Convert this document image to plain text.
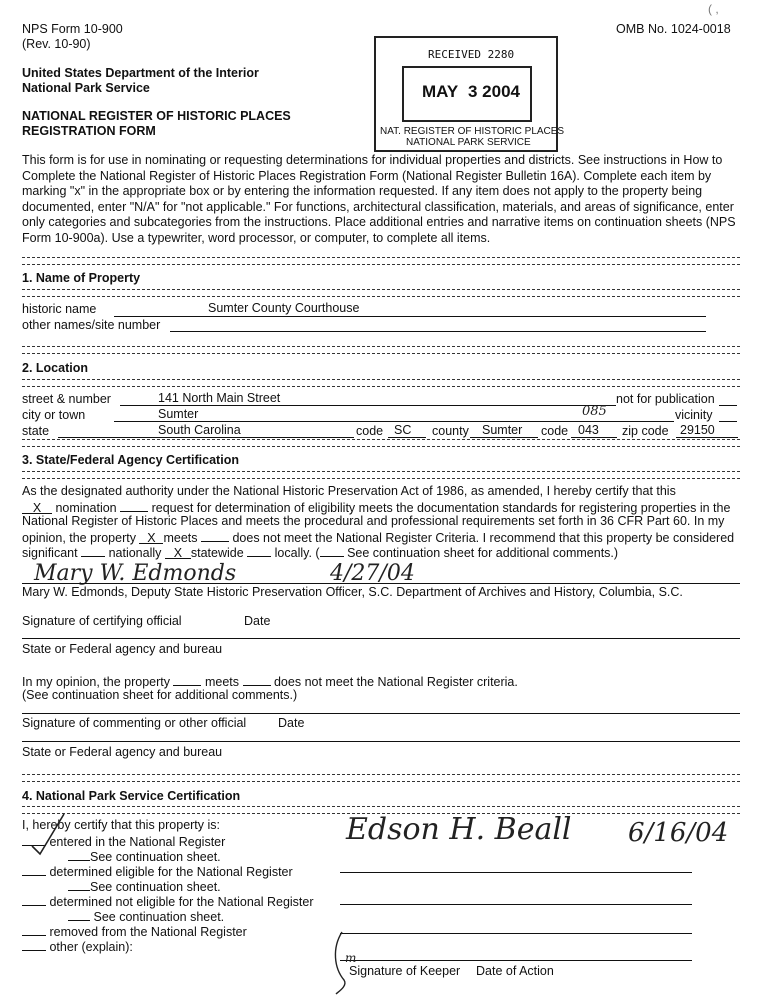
NPS Form 10-900
(Rev. 10-90)
OMB No. 1024-0018
United States Department of the Interior
National Park Service
NATIONAL REGISTER OF HISTORIC PLACES
REGISTRATION FORM
( ,
RECEIVED 2280
MAY 3 2004
NAT. REGISTER OF HISTORIC PLACES
NATIONAL PARK SERVICE
This form is for use in nominating or requesting determinations for individual properties and districts. See instructions in How to Complete the National Register of Historic Places Registration Form (National Register Bulletin 16A). Complete each item by marking "x" in the appropriate box or by entering the information requested. If any item does not apply to the property being documented, enter "N/A" for "not applicable." For functions, architectural classification, materials, and areas of significance, enter only categories and subcategories from the instructions. Place additional entries and narrative items on continuation sheets (NPS Form 10-900a). Use a typewriter, word processor, or computer, to complete all items.
1. Name of Property
historic name	Sumter County Courthouse
other names/site number
2. Location
street & number	141 North Main Street	not for publication
city or town	Sumter	085	vicinity
state	South Carolina	code SC county Sumter code 043 zip code 29150
3. State/Federal Agency Certification
As the designated authority under the National Historic Preservation Act of 1986, as amended, I hereby certify that this
X nomination	request for determination of eligibility meets the documentation standards for registering properties in the
National Register of Historic Places and meets the procedural and professional requirements set forth in 36 CFR Part 60. In my
opinion, the property X meets	does not meet the National Register Criteria. I recommend that this property be considered
significant nationally X statewide locally. ( See continuation sheet for additional comments.)
Mary W. Edmonds	4/27/04
Mary W. Edmonds, Deputy State Historic Preservation Officer, S.C. Department of Archives and History, Columbia, S.C.
Signature of certifying official	Date
State or Federal agency and bureau
In my opinion, the property	meets	does not meet the National Register criteria.
(See continuation sheet for additional comments.)
Signature of commenting or other official	Date
State or Federal agency and bureau
4. National Park Service Certification
I, hereby certify that this property is:
entered in the National Register
See continuation sheet.
determined eligible for the National Register
See continuation sheet.
determined not eligible for the National Register
See continuation sheet.
removed from the National Register
other (explain):
Edson H. Beall 6/16/04
m
Signature of Keeper Date of Action
